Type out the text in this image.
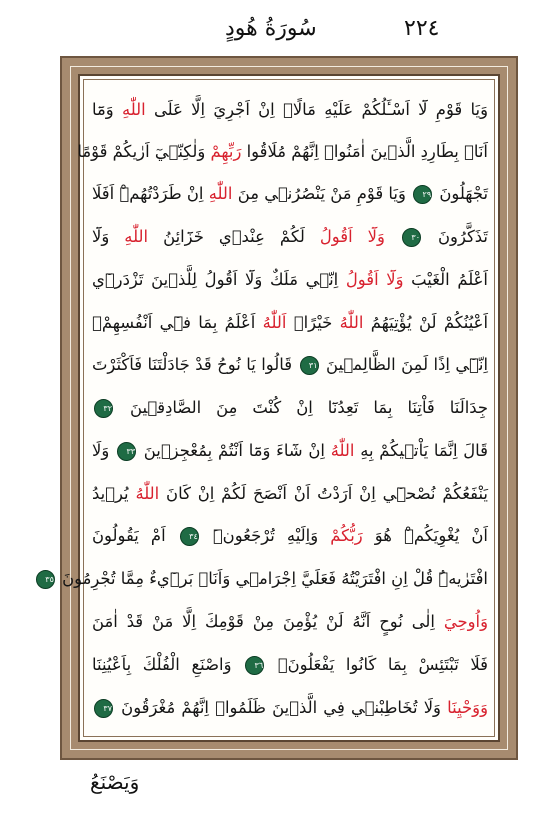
سُورَةُ هُودٍ	٢٢٤
وَيَا قَوْمِ لَٓا اَسْـَٔلُكُمْ عَلَيْهِ مَالًاۜ اِنْ اَجْرِيَ اِلَّا عَلَى اللّٰهِ وَمَٓا
اَنَا۬ بِطَارِدِ الَّذٖينَ اٰمَنُواۜ اِنَّهُمْ مُلَاقُوا رَبِّهِمْ وَلٰكِنّٖيٓ اَرٰيكُمْ قَوْمًا
تَجْهَلُونَ ٢٩ وَيَا قَوْمِ مَنْ يَنْصُرُنٖي مِنَ اللّٰهِ اِنْ طَرَدْتُهُمْۜ اَفَلَا
تَذَكَّرُونَ ٣٠ وَلَٓا اَقُولُ لَكُمْ عِنْدٖي خَزَٓائِنُ اللّٰهِ وَلَٓا
اَعْلَمُ الْغَيْبَ وَلَٓا اَقُولُ اِنّٖي مَلَكٌ وَلَٓا اَقُولُ لِلَّذٖينَ تَزْدَرٖٓي
اَعْيُنُكُمْ لَنْ يُؤْتِيَهُمُ اللّٰهُ خَيْرًاۜ اَللّٰهُ اَعْلَمُ بِمَا فٖٓي اَنْفُسِهِمْۚ
اِنّٖٓي اِذًا لَمِنَ الظَّالِمٖينَ ٣١ قَالُوا يَا نُوحُ قَدْ جَادَلْتَنَا فَاَكْثَرْتَ
جِدَالَنَا فَاْتِنَا بِمَا تَعِدُنَٓا اِنْ كُنْتَ مِنَ الصَّادِقٖينَ ٣٢
قَالَ اِنَّمَا يَاْتٖيكُمْ بِهِ اللّٰهُ اِنْ شَٓاءَ وَمَٓا اَنْتُمْ بِمُعْجِزٖينَ ٣٣ وَلَا
يَنْفَعُكُمْ نُصْحٖٓي اِنْ اَرَدْتُ اَنْ اَنْصَحَ لَكُمْ اِنْ كَانَ اللّٰهُ يُرٖيدُ
اَنْ يُغْوِيَكُمْۜ هُوَ رَبُّكُمْ وَاِلَيْهِ تُرْجَعُونَۜ ٣٤ اَمْ يَقُولُونَ
افْتَرٰيهُۜ قُلْ اِنِ افْتَرَيْتُهُ فَعَلَيَّ اِجْرَامٖي وَاَنَا۬ بَرٖٓيءٌ مِمَّا تُجْرِمُونَ ٣٥
وَاُوحِيَ اِلٰى نُوحٍ اَنَّهُ لَنْ يُؤْمِنَ مِنْ قَوْمِكَ اِلَّا مَنْ قَدْ اٰمَنَ
فَلَا تَبْتَئِسْ بِمَا كَانُوا يَفْعَلُونَۚ ٣٦ وَاصْنَعِ الْفُلْكَ بِاَعْيُنِنَا
وَوَحْيِنَا وَلَا تُخَاطِبْنٖي فِي الَّذٖينَ ظَلَمُواۚ اِنَّهُمْ مُغْرَقُونَ ٣٧
وَيَصْنَعُ
